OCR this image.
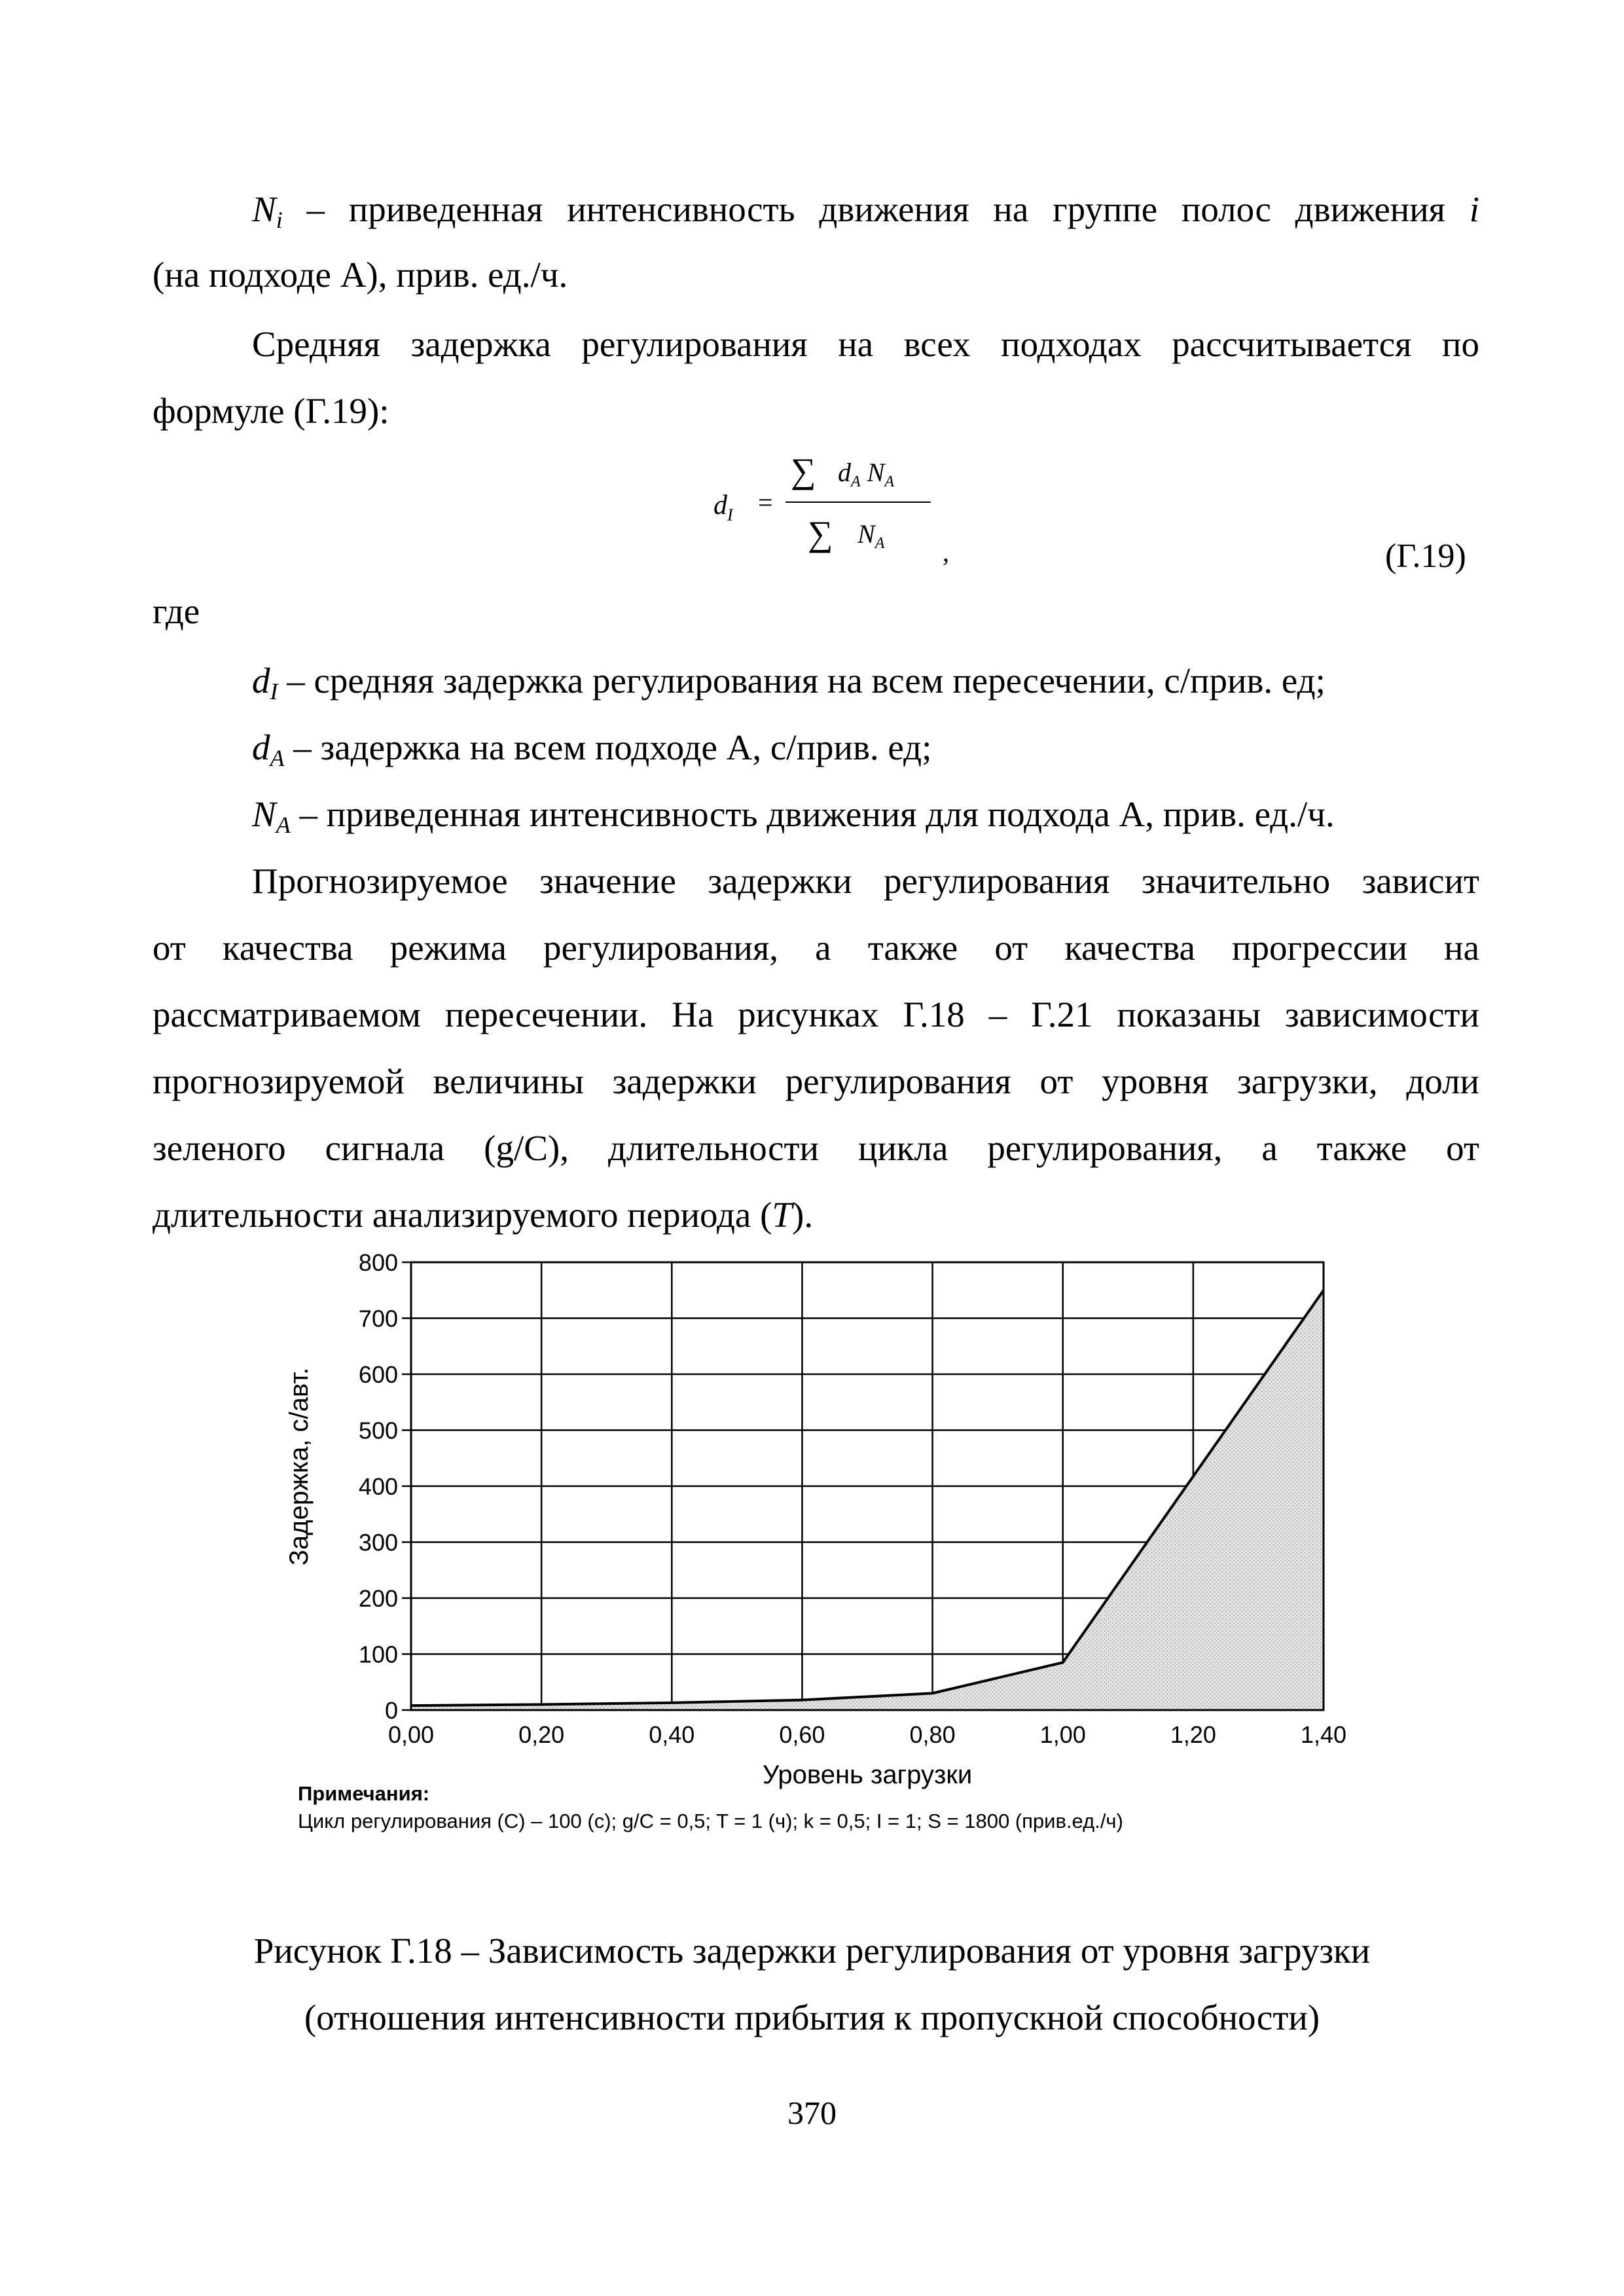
$N_i$ – приведенная интенсивность движения на группе полос движения i
(на подходе А), прив. ед./ч.
Средняя задержка регулирования на всех подходах рассчитывается по
формуле (Г.19):
$d_I$ =
∑ $d_A$ $N_A$
∑ $N_A$ ,	(Г.19)
где
$d_I$ – средняя задержка регулирования на всем пересечении, с/прив. ед;
$d_A$ – задержка на всем подходе А, с/прив. ед;
$N_A$ – приведенная интенсивность движения для подхода А, прив. ед./ч.
Прогнозируемое значение задержки регулирования значительно зависит
от качества режима регулирования, а также от качества прогрессии на
рассматриваемом пересечении. На рисунках Г.18 – Г.21 показаны зависимости
прогнозируемой величины задержки регулирования от уровня загрузки, доли
зеленого сигнала (g/C), длительности цикла регулирования, а также от
длительности анализируемого периода (T).
0
100
200
300
400
500
600
700
800
0,00	0,20	0,40	0,60	0,80	1,00	1,20	1,40
Уровень загрузки
Задержка, с/авт.
Примечания:
Цикл регулирования (C) – 100 (с); g/C = 0,5; T = 1 (ч); k = 0,5; I = 1; S = 1800 (прив.ед./ч)
Рисунок Г.18 – Зависимость задержки регулирования от уровня загрузки
(отношения интенсивности прибытия к пропускной способности)
370
